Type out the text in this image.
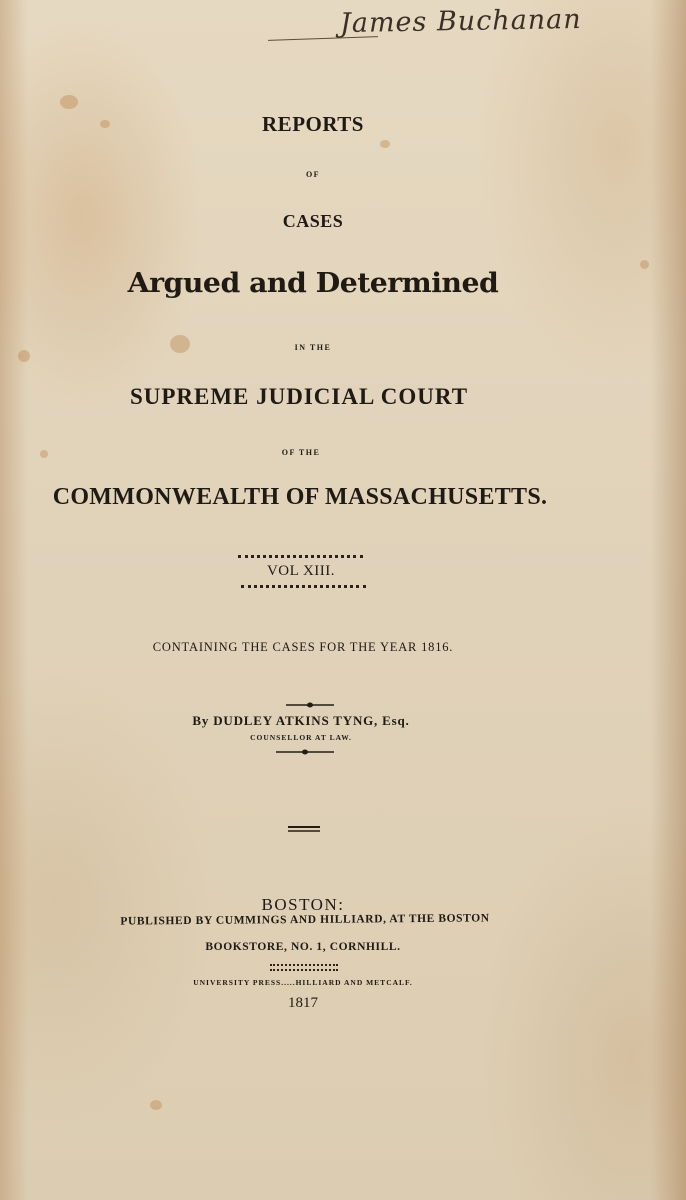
James Buchanan
REPORTS
OF
CASES
Argued and Determined
IN THE
SUPREME JUDICIAL COURT
OF THE
COMMONWEALTH OF MASSACHUSETTS.
VOL XIII.
CONTAINING THE CASES FOR THE YEAR 1816.
By DUDLEY ATKINS TYNG, Esq.
COUNSELLOR AT LAW.
BOSTON:
PUBLISHED BY CUMMINGS AND HILLIARD, AT THE BOSTON
BOOKSTORE, NO. 1, CORNHILL.
UNIVERSITY PRESS.....HILLIARD AND METCALF.
1817
